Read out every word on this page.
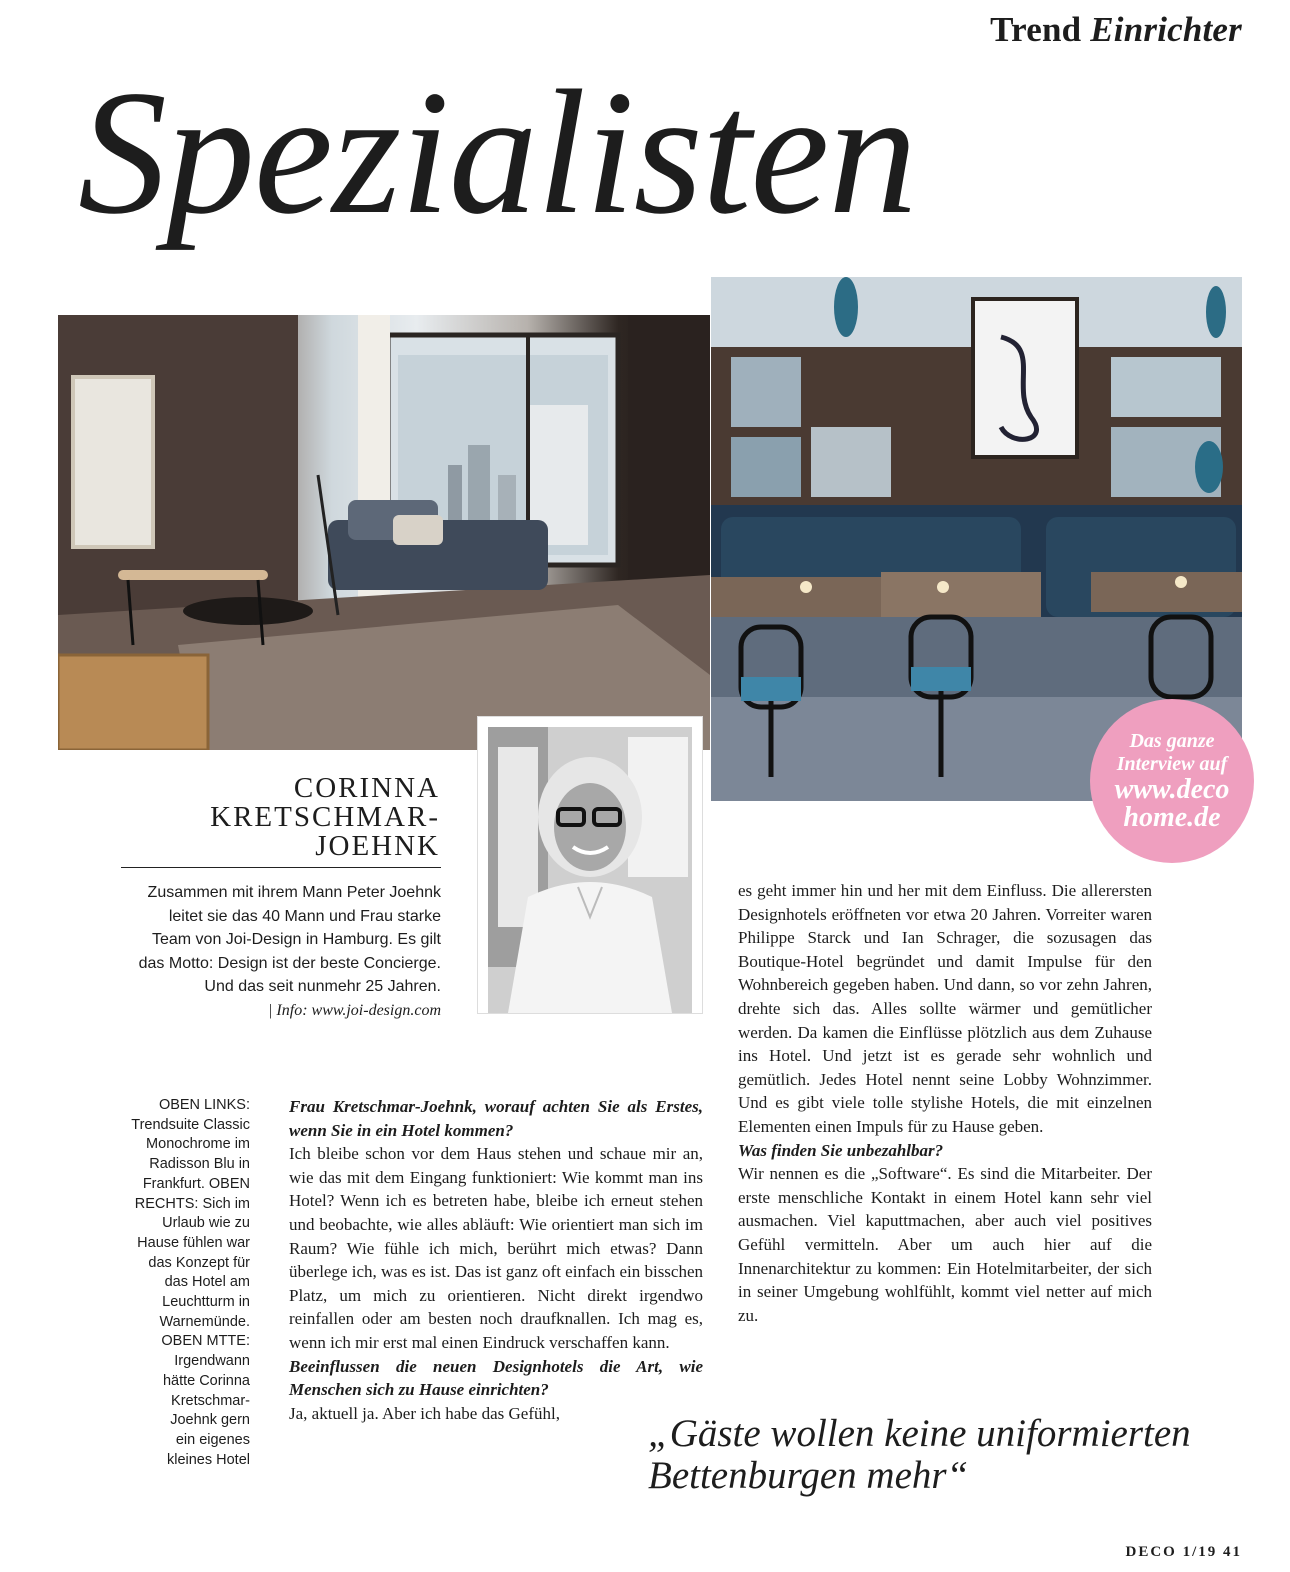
Trend Einrichter
Spezialisten
Das ganze
Interview auf
www.deco
home.de
CORINNA
KRETSCHMAR-
JOEHNK
Zusammen mit ihrem Mann Peter Joehnk
leitet sie das 40 Mann und Frau starke
Team von Joi-Design in Hamburg. Es gilt
das Motto: Design ist der beste Concierge.
Und das seit nunmehr 25 Jahren.
| Info: www.joi-design.com
OBEN LINKS:
Trendsuite Classic
Monochrome im
Radisson Blu in
Frankfurt. OBEN
RECHTS: Sich im
Urlaub wie zu
Hause fühlen war
das Konzept für
das Hotel am
Leuchtturm in
Warnemünde.
OBEN MTTE:
Irgendwann
hätte Corinna
Kretschmar-
Joehnk gern
ein eigenes
kleines Hotel

Frau Kretschmar-Joehnk, worauf achten Sie als Erstes, wenn Sie in ein Hotel kommen?

Ich bleibe schon vor dem Haus stehen und schaue mir an, wie das mit dem Eingang funktioniert: Wie kommt man ins Hotel? Wenn ich es betreten habe, bleibe ich erneut stehen und beobachte, wie alles abläuft: Wie orientiert man sich im Raum? Wie fühle ich mich, berührt mich etwas? Dann überlege ich, was es ist. Das ist ganz oft einfach ein bisschen Platz, um mich zu orientieren. Nicht direkt irgendwo reinfallen oder am besten noch draufknallen. Ich mag es, wenn ich mir erst mal einen Eindruck verschaffen kann.

Beeinflussen die neuen Designhotels die Art, wie Menschen sich zu Hause einrichten?

Ja, aktuell ja. Aber ich habe das Gefühl,

es geht immer hin und her mit dem Einfluss. Die allerersten Designhotels eröffneten vor etwa 20 Jahren. Vorreiter waren Philippe Starck und Ian Schrager, die sozusagen das Boutique-Hotel begründet und damit Impulse für den Wohnbereich gegeben haben. Und dann, so vor zehn Jahren, drehte sich das. Alles sollte wärmer und gemütlicher werden. Da kamen die Einflüsse plötzlich aus dem Zuhause ins Hotel. Und jetzt ist es gerade sehr wohnlich und gemütlich. Jedes Hotel nennt seine Lobby Wohnzimmer. Und es gibt viele tolle stylishe Hotels, die mit einzelnen Elementen einen Impuls für zu Hause geben.

Was finden Sie unbezahlbar?

Wir nennen es die „Software“. Es sind die Mitarbeiter. Der erste menschliche Kontakt in einem Hotel kann sehr viel ausmachen. Viel kaputtmachen, aber auch viel positives Gefühl vermitteln. Aber um auch hier auf die Innenarchitektur zu kommen: Ein Hotelmitarbeiter, der sich in seiner Umgebung wohlfühlt, kommt viel netter auf mich zu.

„Gäste wollen keine uniformierten
Bettenburgen mehr“
DECO 1/19 41
